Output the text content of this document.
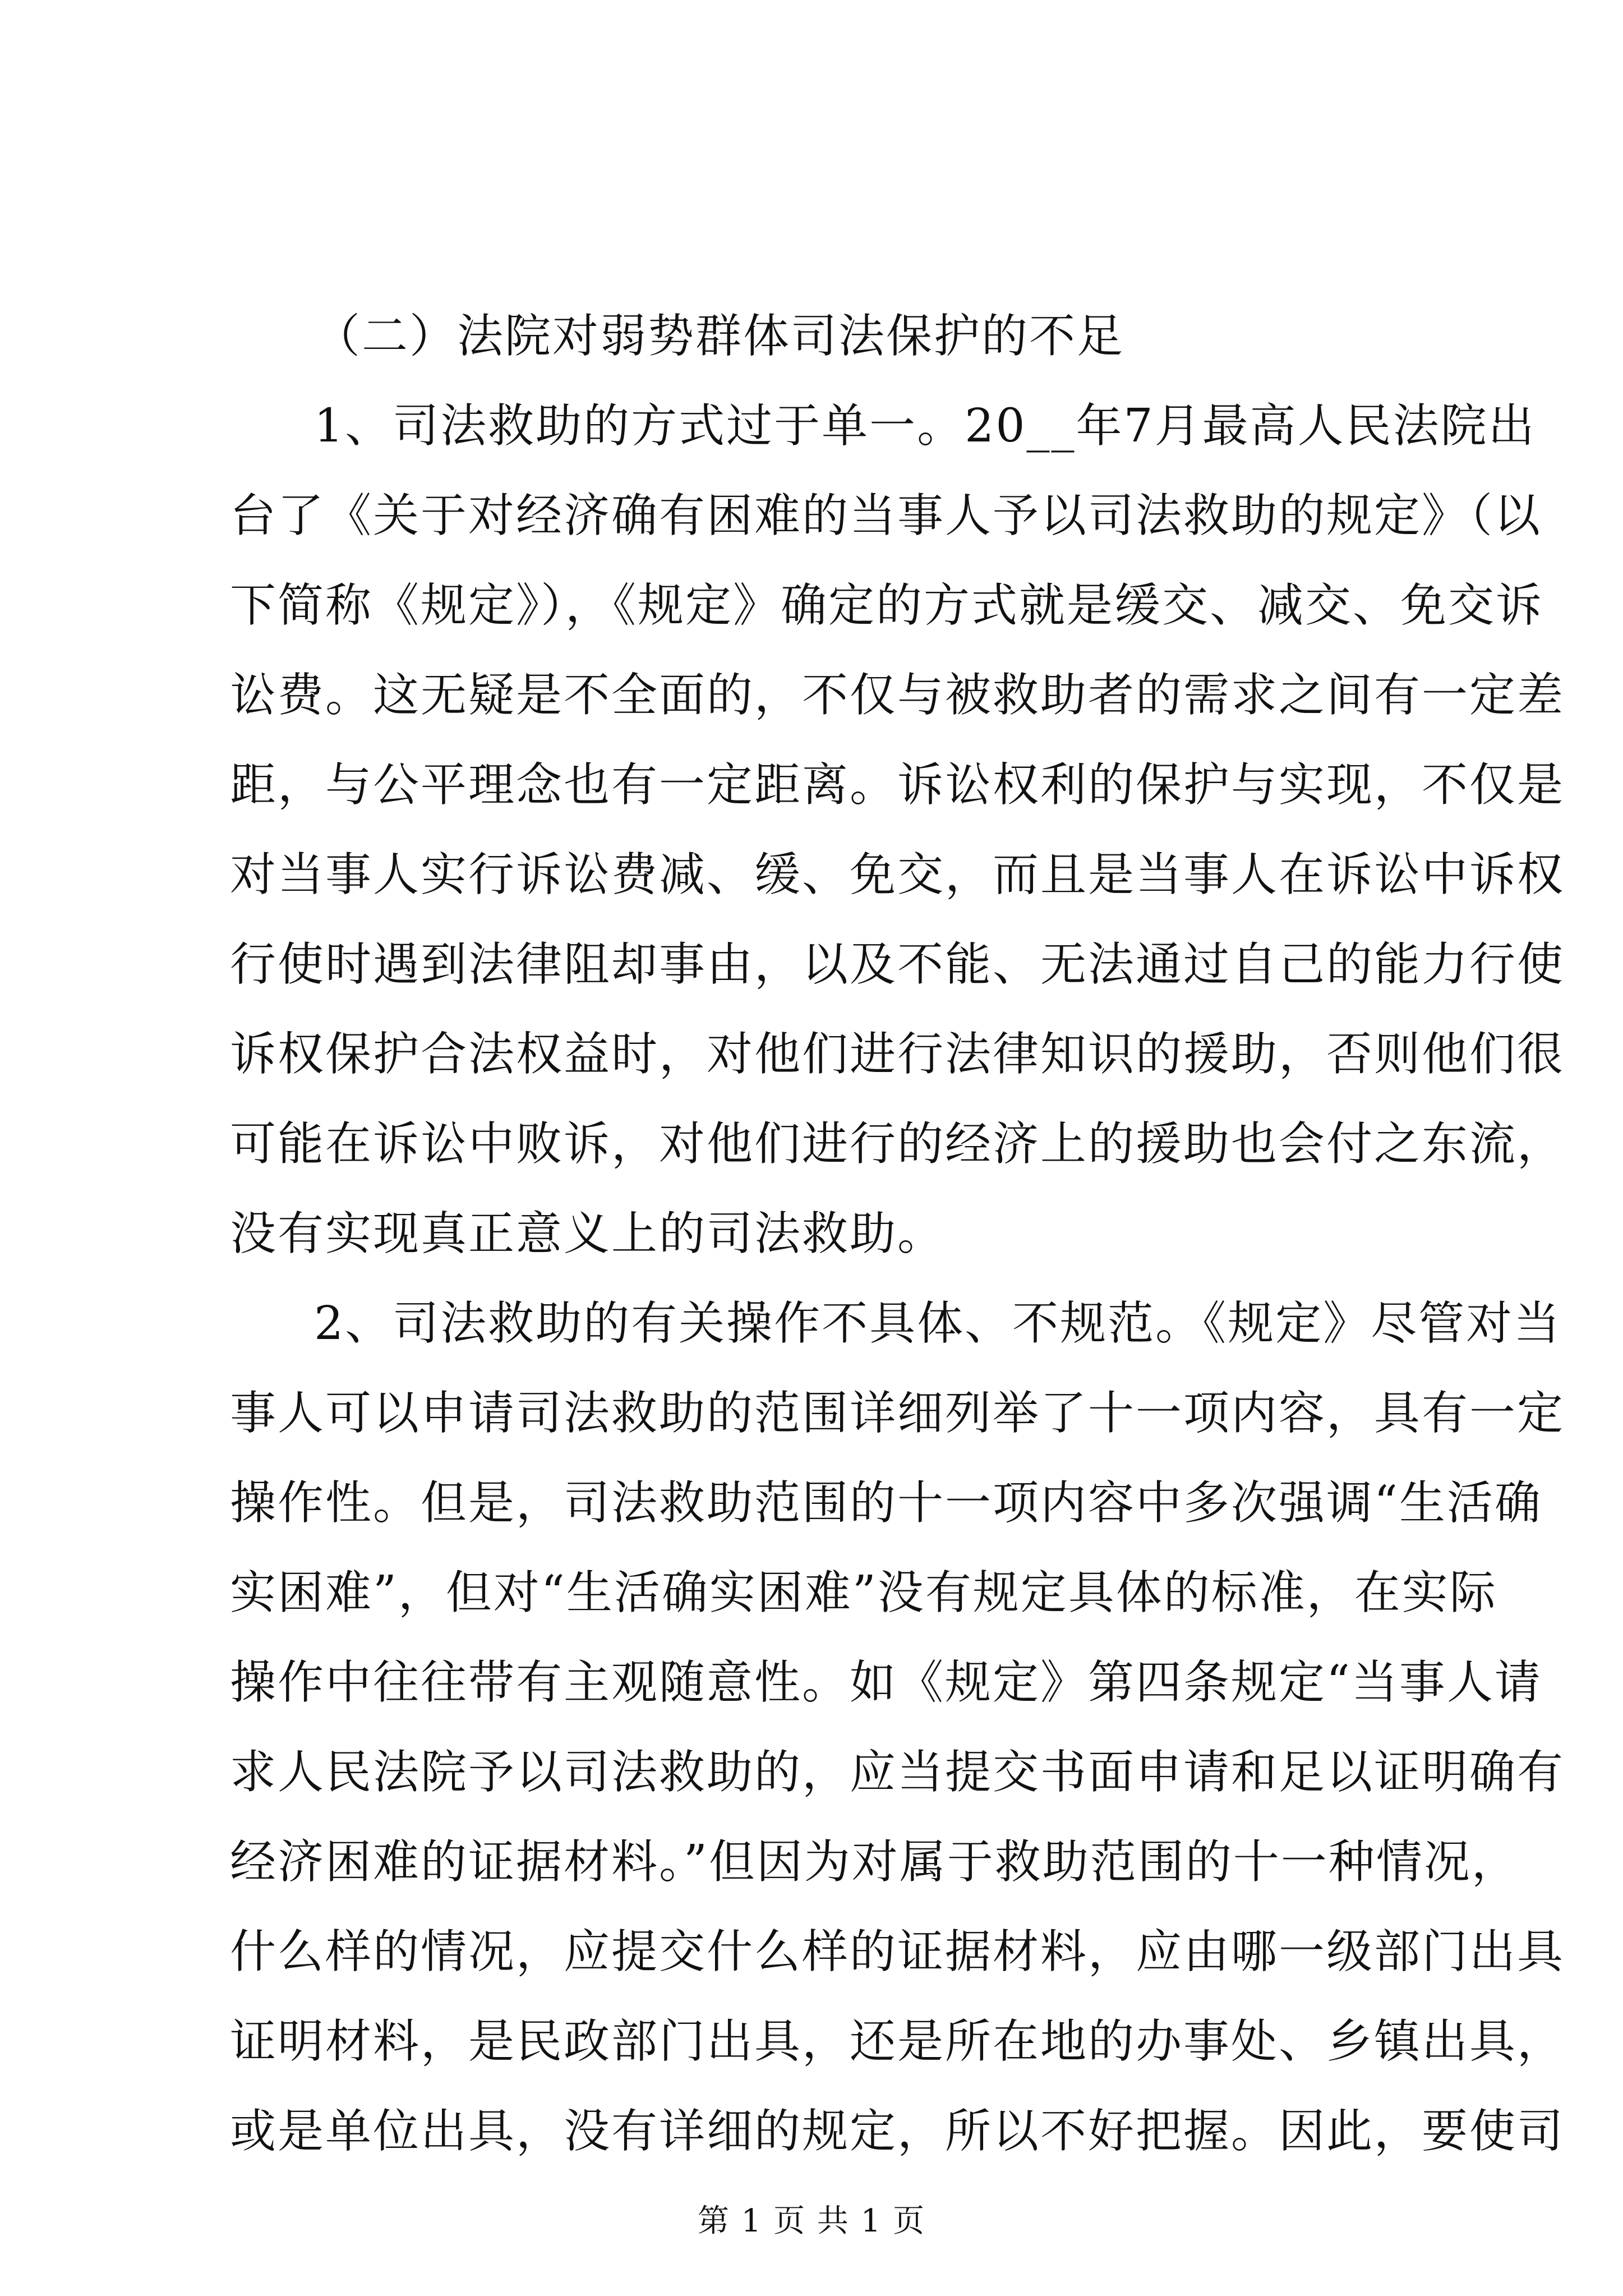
（二）法院对弱势群体司法保护的不足
1、司法救助的方式过于单一。20__年7月最高人民法院出
台了《关于对经济确有困难的当事人予以司法救助的规定》（以
下简称《规定》），《规定》确定的方式就是缓交、减交、免交诉
讼费。这无疑是不全面的，不仅与被救助者的需求之间有一定差
距，与公平理念也有一定距离。诉讼权利的保护与实现，不仅是
对当事人实行诉讼费减、缓、免交，而且是当事人在诉讼中诉权
行使时遇到法律阻却事由，以及不能、无法通过自己的能力行使
诉权保护合法权益时，对他们进行法律知识的援助，否则他们很
可能在诉讼中败诉，对他们进行的经济上的援助也会付之东流，
没有实现真正意义上的司法救助。
2、司法救助的有关操作不具体、不规范。《规定》尽管对当
事人可以申请司法救助的范围详细列举了十一项内容，具有一定
操作性。但是，司法救助范围的十一项内容中多次强调“生活确
实困难”，但对“生活确实困难”没有规定具体的标准，在实际
操作中往往带有主观随意性。如《规定》第四条规定“当事人请
求人民法院予以司法救助的，应当提交书面申请和足以证明确有
经济困难的证据材料。”但因为对属于救助范围的十一种情况，
什么样的情况，应提交什么样的证据材料，应由哪一级部门出具
证明材料，是民政部门出具，还是所在地的办事处、乡镇出具，
或是单位出具，没有详细的规定，所以不好把握。因此，要使司
第 1 页 共 1 页
